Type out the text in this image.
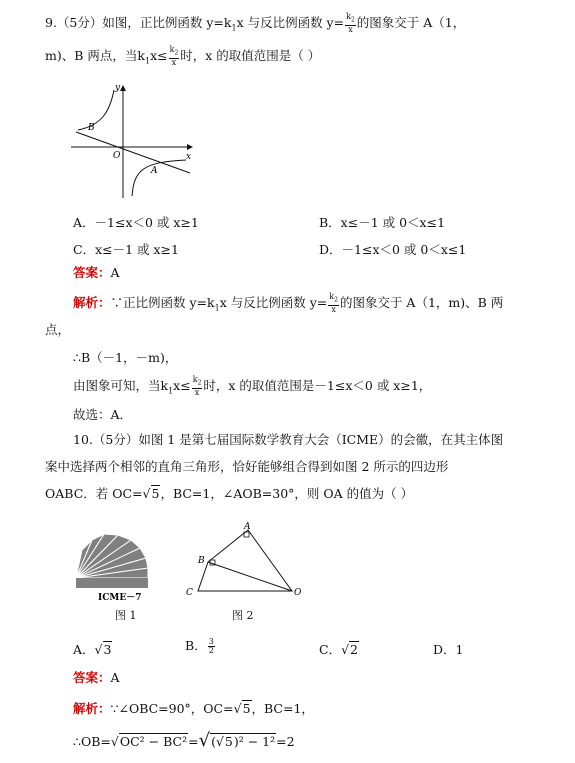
9.（5分）如图，正比例函数 $y=k_1x$ 与反比例函数 $y= \frac{k_2}{x}$ 的图象交于 A（1，
m)、B 两点，当$k_1x\le \frac{k_2}{x}$ 时，x 的取值范围是（ ）
y
x
O
A
B
A．－1≤x＜0 或 x≥1	B．x≤－1 或 0＜x≤1
C．x≤－1 或 x≥1	D．－1≤x＜0 或 0＜x≤1
答案：A
解析：∵正比例函数 $y=k_1x$ 与反比例函数 $y= \frac{k_2}{x}$ 的图象交于 A（1，m)、B 两
点，
∴B（－1，－m)，
由图象可知，当$k_1x\le \frac{k_2}{x}$ 时，x 的取值范围是－1≤x＜0 或 x≥1，
故选：A．
10.（5分）如图 1 是第七届国际数学教育大会（ICME）的会徽，在其主体图
案中选择两个相邻的直角三角形，恰好能够组合得到如图 2 所示的四边形
OABC．若 OC=√5，BC=1，∠AOB=30°，则 OA 的值为（ ）
ICME－7
图 1
A
B
C	O
图 2
A．√3	B． $\frac{3}{2}$	C．√2	D．1
答案：A
解析：∵∠OBC=90°，OC=√5，BC=1，
∴OB=√OC² − BC²=√(√5)² − 1²=2
